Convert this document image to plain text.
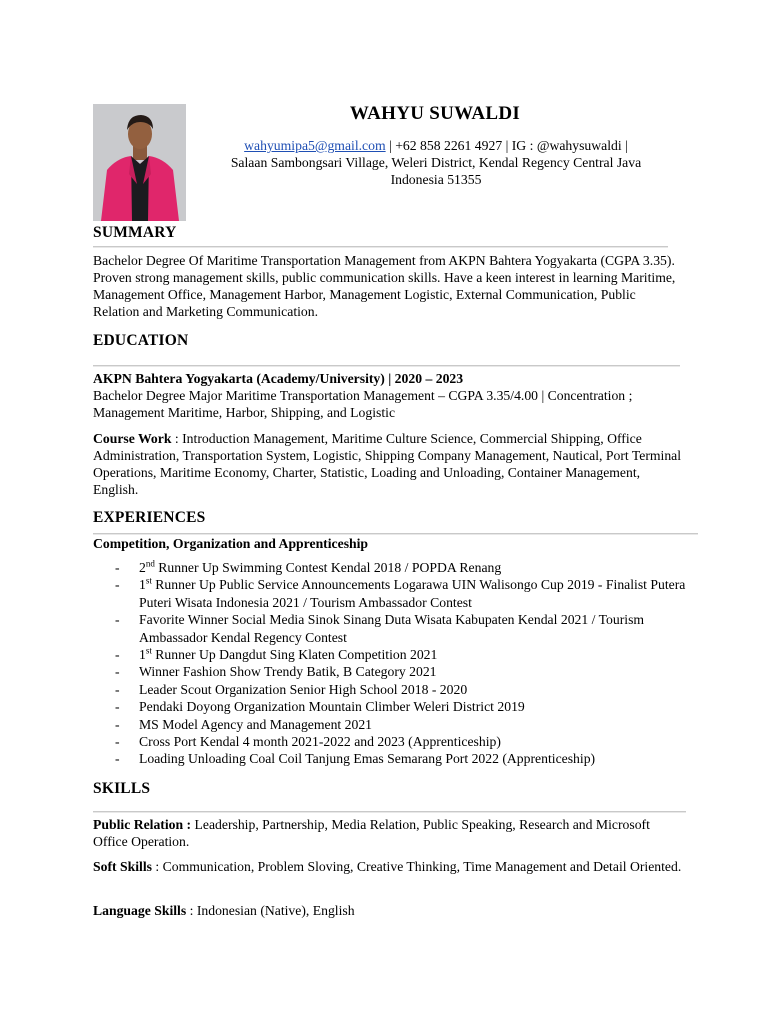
WAHYU SUWALDI
wahyumipa5@gmail.com | +62 858 2261 4927 | IG : @wahysuwaldi |
Salaan Sambongsari Village, Weleri District, Kendal Regency Central Java
Indonesia 51355
SUMMARY
Bachelor Degree Of Maritime Transportation Management from AKPN Bahtera Yogyakarta (CGPA 3.35). Proven strong management skills, public communication skills. Have a keen interest in learning Maritime, Management Office, Management Harbor, Management Logistic, External Communication, Public Relation and Marketing Communication.
EDUCATION
AKPN Bahtera Yogyakarta (Academy/University) | 2020 – 2023
Bachelor Degree Major Maritime Transportation Management – CGPA 3.35/4.00 | Concentration ; Management Maritime, Harbor, Shipping, and Logistic
Course Work : Introduction Management, Maritime Culture Science, Commercial Shipping, Office Administration, Transportation System, Logistic, Shipping Company Management, Nautical, Port Terminal Operations, Maritime Economy, Charter, Statistic, Loading and Unloading, Container Management, English.
EXPERIENCES
Competition, Organization and Apprenticeship
- 2nd Runner Up Swimming Contest Kendal 2018 / POPDA Renang
- 1st Runner Up Public Service Announcements Logarawa UIN Walisongo Cup 2019 - Finalist Putera Puteri Wisata Indonesia 2021 / Tourism Ambassador Contest
- Favorite Winner Social Media Sinok Sinang Duta Wisata Kabupaten Kendal 2021 / Tourism Ambassador Kendal Regency Contest
- 1st Runner Up Dangdut Sing Klaten Competition 2021
- Winner Fashion Show Trendy Batik, B Category 2021
- Leader Scout Organization Senior High School 2018 - 2020
- Pendaki Doyong Organization Mountain Climber Weleri District 2019
- MS Model Agency and Management 2021
- Cross Port Kendal 4 month 2021-2022 and 2023 (Apprenticeship)
- Loading Unloading Coal Coil Tanjung Emas Semarang Port 2022 (Apprenticeship)
SKILLS
Public Relation : Leadership, Partnership, Media Relation, Public Speaking, Research and Microsoft Office Operation.
Soft Skills : Communication, Problem Sloving, Creative Thinking, Time Management and Detail Oriented.
Language Skills : Indonesian (Native), English
